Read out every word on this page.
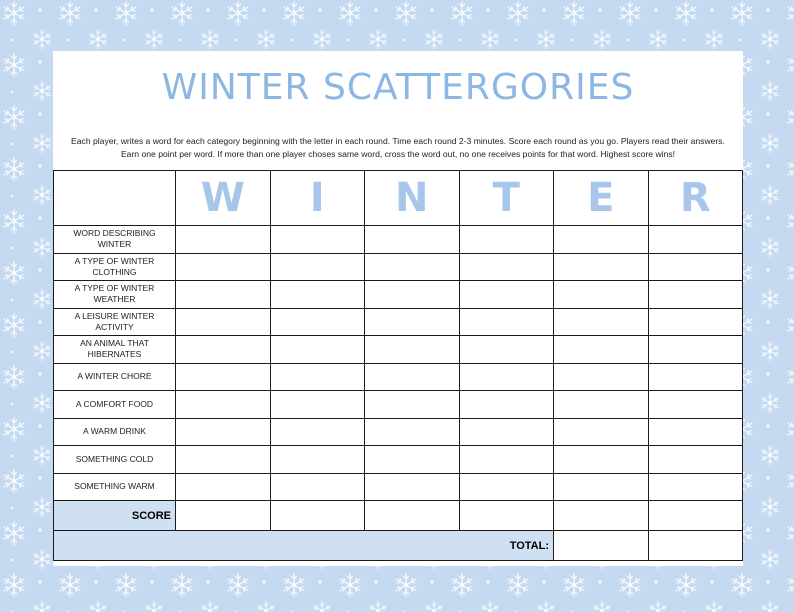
WINTER SCATTERGORIES

Each player, writes a word for each category beginning with the letter in each round. Time each round 2-3 minutes. Score each round as you go. Players read their answers. Earn one point per word. If more than one player choses same word, cross the word out, no one receives points for that word. Highest score wins!

	W	I	N	T	E	R
WORD DESCRIBING WINTER						
A TYPE OF WINTER CLOTHING						
A TYPE OF WINTER WEATHER						
A LEISURE WINTER ACTIVITY						
AN ANIMAL THAT HIBERNATES						
A WINTER CHORE						
A COMFORT FOOD						
A WARM DRINK						
SOMETHING COLD						
SOMETHING WARM						
SCORE						
TOTAL:						
